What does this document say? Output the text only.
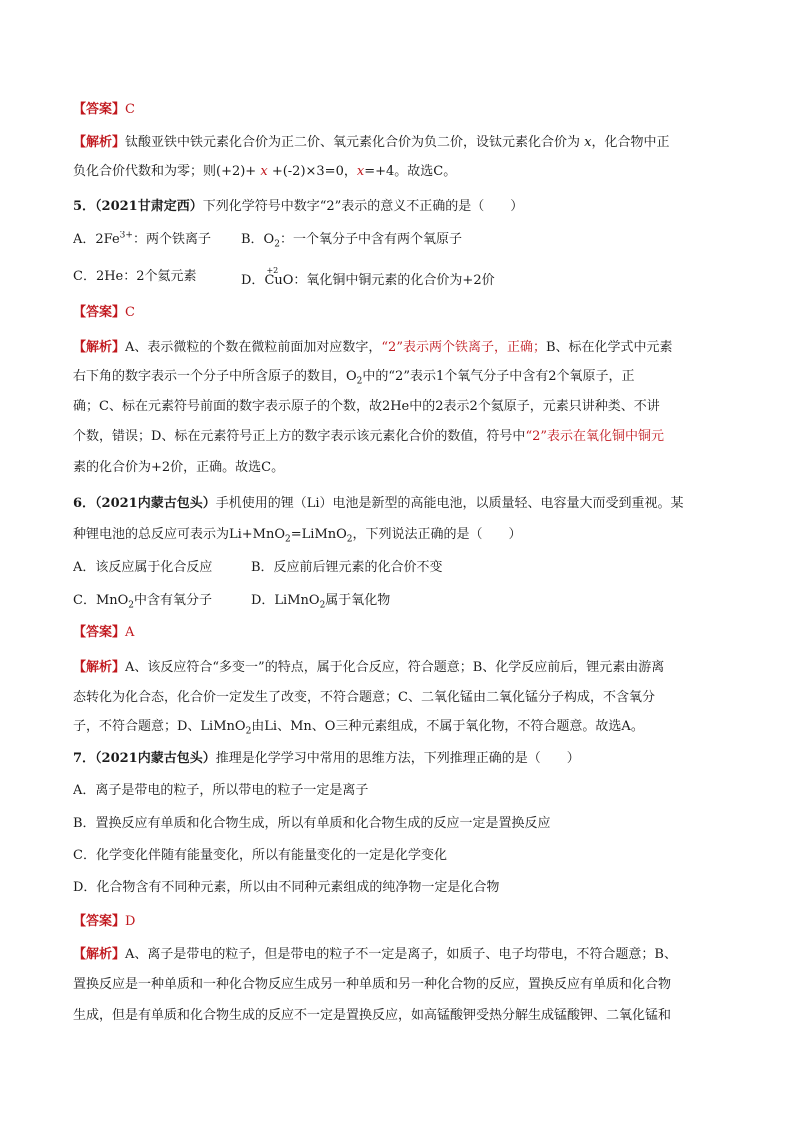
【答案】C
【解析】钛酸亚铁中铁元素化合价为正二价、氧元素化合价为负二价，设钛元素化合价为 x，化合物中正
负化合价代数和为零；则(+2)+ x +(-2)×3=0，x=+4。故选C。
5．（2021甘肃定西）下列化学符号中数字“2”表示的意义不正确的是（　　）
A．$2Fe^{3+}$：两个铁离子 B．$O_2$：一个氧分子中含有两个氧原子
C．2He：2个氦元素	D．
+2
CuO：氧化铜中铜元素的化合价为+2价
【答案】C
【解析】A、表示微粒的个数在微粒前面加对应数字，“2”表示两个铁离子，正确；B、标在化学式中元素
右下角的数字表示一个分子中所含原子的数目，$O_2$中的“2”表示1个氧气分子中含有2个氧原子，正
确；C、标在元素符号前面的数字表示原子的个数，故2He中的2表示2个氦原子，元素只讲种类、不讲
个数，错误；D、标在元素符号正上方的数字表示该元素化合价的数值，符号中“2”表示在氧化铜中铜元
素的化合价为+2价，正确。故选C。
6．（2021内蒙古包头）手机使用的锂（Li）电池是新型的高能电池，以质量轻、电容量大而受到重视。某
种锂电池的总反应可表示为Li+MnO$_2$=LiMnO$_2$，下列说法正确的是（　　）
A．该反应属于化合反应	B．反应前后锂元素的化合价不变
C．MnO$_2$中含有氧分子	D．LiMnO$_2$属于氧化物
【答案】A
【解析】A、该反应符合“多变一”的特点，属于化合反应，符合题意；B、化学反应前后，锂元素由游离
态转化为化合态，化合价一定发生了改变，不符合题意；C、二氧化锰由二氧化锰分子构成，不含氧分
子，不符合题意；D、LiMnO$_2$由Li、Mn、O三种元素组成，不属于氧化物，不符合题意。故选A。
7．（2021内蒙古包头）推理是化学学习中常用的思维方法，下列推理正确的是（　　）
A．离子是带电的粒子，所以带电的粒子一定是离子
B．置换反应有单质和化合物生成，所以有单质和化合物生成的反应一定是置换反应
C．化学变化伴随有能量变化，所以有能量变化的一定是化学变化
D．化合物含有不同种元素，所以由不同种元素组成的纯净物一定是化合物
【答案】D
【解析】A、离子是带电的粒子，但是带电的粒子不一定是离子，如质子、电子均带电，不符合题意；B、
置换反应是一种单质和一种化合物反应生成另一种单质和另一种化合物的反应，置换反应有单质和化合物
生成，但是有单质和化合物生成的反应不一定是置换反应，如高锰酸钾受热分解生成锰酸钾、二氧化锰和
